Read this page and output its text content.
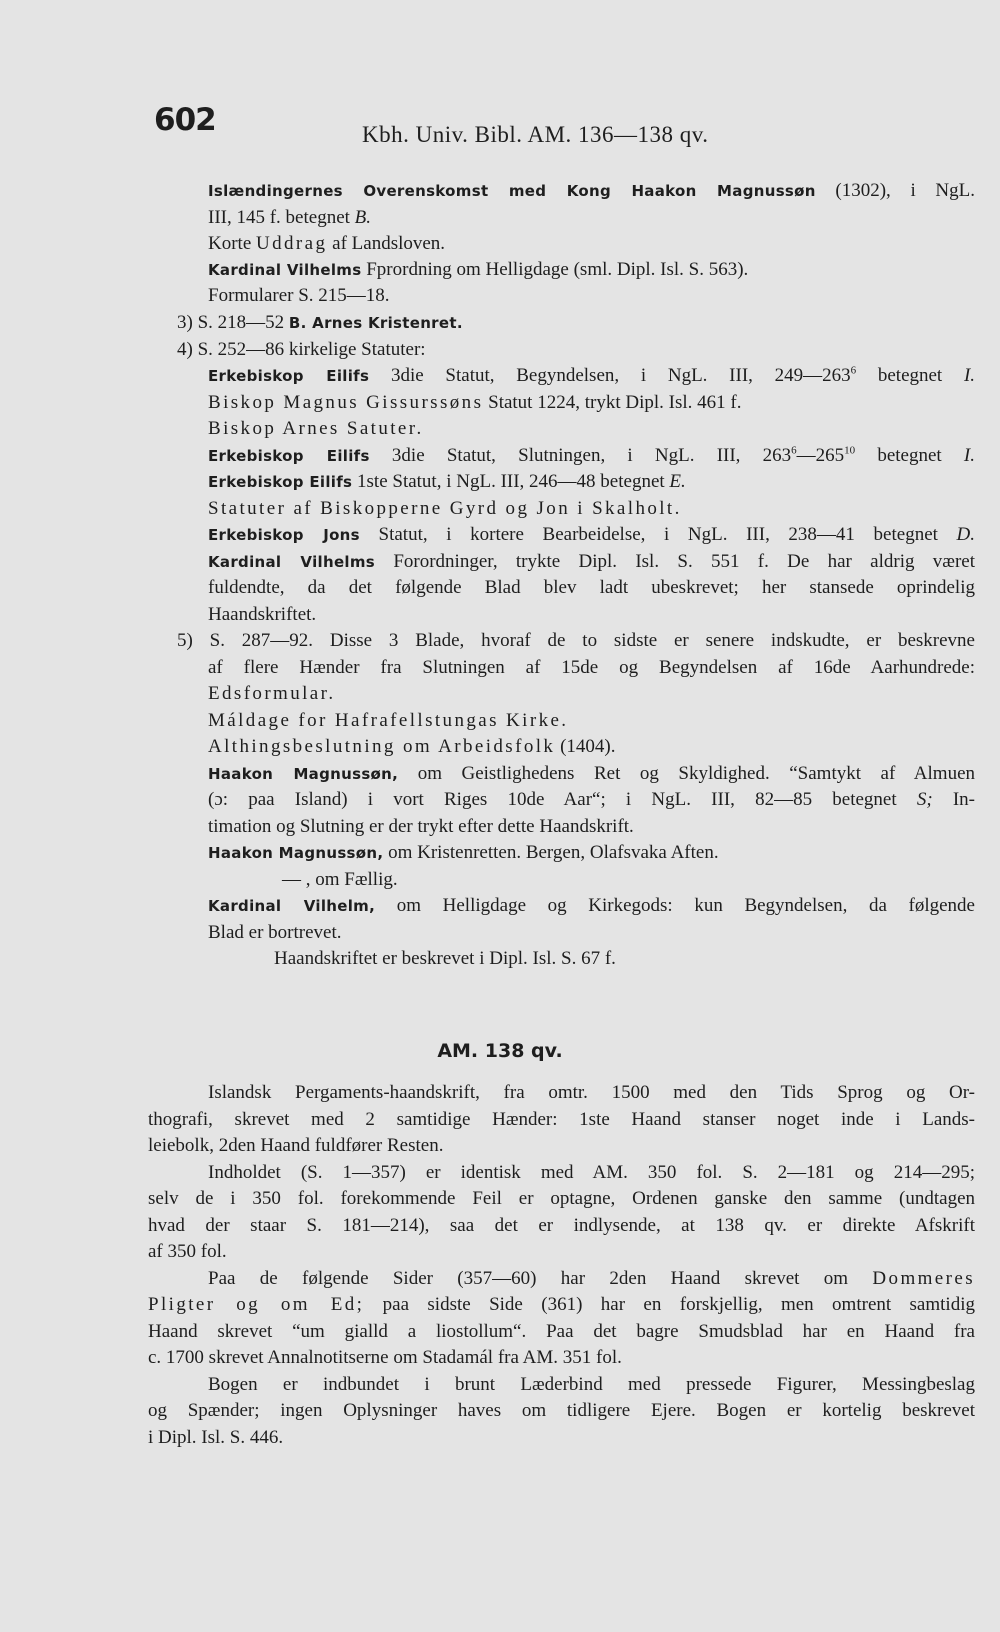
602	Kbh. Univ. Bibl. AM. 136—138 qv.
Islændingernes Overenskomst med Kong Haakon Magnussøn (1302), i NgL.
III, 145 f. betegnet B.
Korte Uddrag af Landsloven.
Kardinal Vilhelms Fprordning om Helligdage (sml. Dipl. Isl. S. 563).
Formularer S. 215—18.
3) S. 218—52 B. Arnes Kristenret.
4) S. 252—86 kirkelige Statuter:
Erkebiskop Eilifs 3die Statut, Begyndelsen, i NgL. III, $249—263^6$ betegnet I.
Biskop Magnus Gissurssøns Statut 1224, trykt Dipl. Isl. 461 f.
Biskop Arnes Satuter.
Erkebiskop Eilifs 3die Statut, Slutningen, i NgL. III, $263^6—265^{10}$ betegnet I.
Erkebiskop Eilifs 1ste Statut, i NgL. III, 246—48 betegnet E.
Statuter af Biskopperne Gyrd og Jon i Skalholt.
Erkebiskop Jons Statut, i kortere Bearbeidelse, i NgL. III, 238—41 betegnet D.
Kardinal Vilhelms Forordninger, trykte Dipl. Isl. S. 551 f. De har aldrig været
fuldendte, da det følgende Blad blev ladt ubeskrevet; her stansede oprindelig
Haandskriftet.
5) S. 287—92. Disse 3 Blade, hvoraf de to sidste er senere indskudte, er beskrevne
af flere Hænder fra Slutningen af 15de og Begyndelsen af 16de Aarhundrede:
Edsformular.
Máldage for Hafrafellstungas Kirke.
Althingsbeslutning om Arbeidsfolk (1404).
Haakon Magnussøn, om Geistlighedens Ret og Skyldighed. “Samtykt af Almuen
(ɔ: paa Island) i vort Riges 10de Aar“; i NgL. III, 82—85 betegnet S; In-
timation og Slutning er der trykt efter dette Haandskrift.
Haakon Magnussøn, om Kristenretten. Bergen, Olafsvaka Aften.
— , om Fællig.
Kardinal Vilhelm, om Helligdage og Kirkegods: kun Begyndelsen, da følgende
Blad er bortrevet.
Haandskriftet er beskrevet i Dipl. Isl. S. 67 f.
Islandsk Pergaments-haandskrift, fra omtr. 1500 med den Tids Sprog og Or-
thografi, skrevet med 2 samtidige Hænder: 1ste Haand stanser noget inde i Lands-
leiebolk, 2den Haand fuldfører Resten.
Indholdet (S. 1—357) er identisk med AM. 350 fol. S. 2—181 og 214—295;
selv de i 350 fol. forekommende Feil er optagne, Ordenen ganske den samme (undtagen
hvad der staar S. 181—214), saa det er indlysende, at 138 qv. er direkte Afskrift
af 350 fol.
Paa de følgende Sider (357—60) har 2den Haand skrevet om Dommeres
Pligter og om Ed; paa sidste Side (361) har en forskjellig, men omtrent samtidig
Haand skrevet “um gialld a liostollum“. Paa det bagre Smudsblad har en Haand fra
c. 1700 skrevet Annalnotitserne om Stadamál fra AM. 351 fol.
Bogen er indbundet i brunt Læderbind med pressede Figurer, Messingbeslag
og Spænder; ingen Oplysninger haves om tidligere Ejere. Bogen er kortelig beskrevet
i Dipl. Isl. S. 446.
AM. 138 qv.
